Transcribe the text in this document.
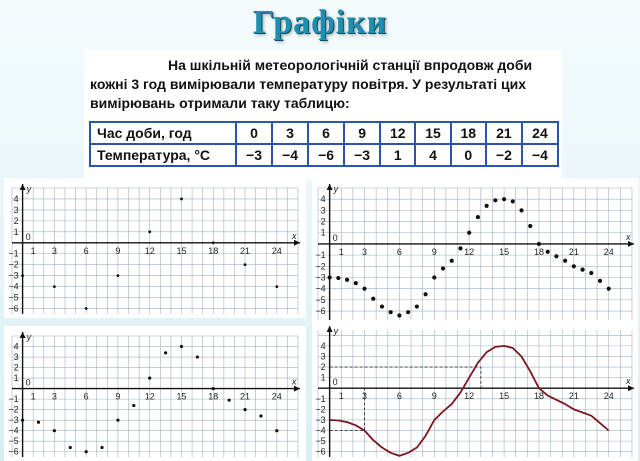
Графіки
На шкільній метеорологічній станції впродовж доби кожні 3 год вимірювали температуру повітря. У результаті цих вимірювань отримали таку таблицю:
Час доби, год	0	3	6	9	12	15	18	21	24
Температура, °С	−3	−4	−6	−3	1	4	0	−2	−4
x
y
0
1 3	6	9	12 15 18 21 24
4
3
2
1
−1
−2
−3
−4
−5
−6
x
y
0
1 3	6	9	12	15	18	21	24
4
3
2
1
−1
−2
−3
−4
−5
−6
x
y
0
1 3	6	9	12 15 18 21 24
4
3
2
1
−1
−2
−3
−4
−5
−6
x
y
0
1 3	6	9	12	15	18	21	24
4
3
2
1
−1
−2
−3
−4
−5
−6
